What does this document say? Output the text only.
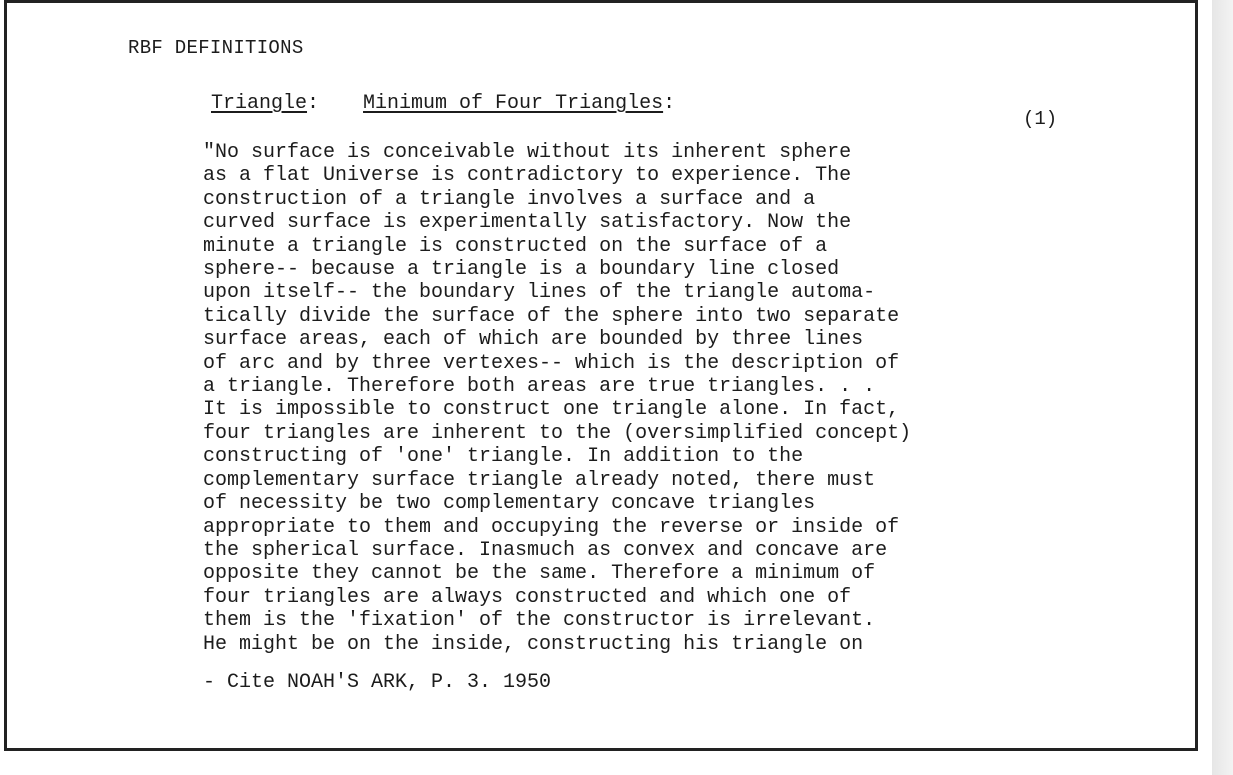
RBF DEFINITIONS
Triangle: Minimum of Four Triangles:
(1)
"No surface is conceivable without its inherent sphere
as a flat Universe is contradictory to experience. The
construction of a triangle involves a surface and a
curved surface is experimentally satisfactory. Now the
minute a triangle is constructed on the surface of a
sphere-- because a triangle is a boundary line closed
upon itself-- the boundary lines of the triangle automa-
tically divide the surface of the sphere into two separate
surface areas, each of which are bounded by three lines
of arc and by three vertexes-- which is the description of
a triangle. Therefore both areas are true triangles. . .
It is impossible to construct one triangle alone. In fact,
four triangles are inherent to the (oversimplified concept)
constructing of 'one' triangle. In addition to the
complementary surface triangle already noted, there must
of necessity be two complementary concave triangles
appropriate to them and occupying the reverse or inside of
the spherical surface. Inasmuch as convex and concave are
opposite they cannot be the same. Therefore a minimum of
four triangles are always constructed and which one of
them is the 'fixation' of the constructor is irrelevant.
He might be on the inside, constructing his triangle on
- Cite NOAH'S ARK, P. 3. 1950
